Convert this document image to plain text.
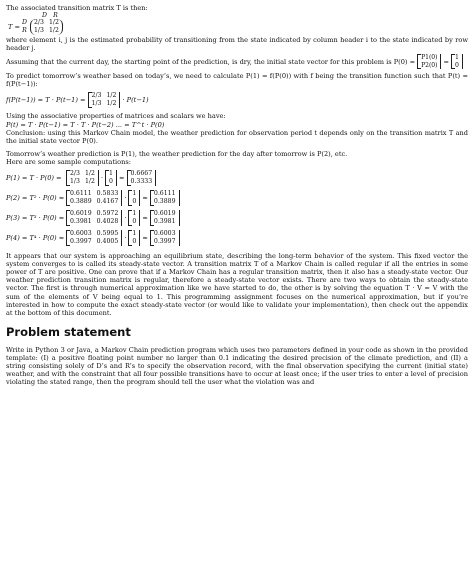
The associated transition matrix T is then:

D R
T =
D
R
2/3 1/2
1/3 1/2

where element i, j is the estimated probability of transitioning from the state indicated by column header i to the state indicated by row header j.

Assuming that the current day, the starting point of the prediction, is dry, the initial state vector for this problem is P(0) = P1(0)
P2(0) = 1
0

To predict tomorrow’s weather based on today’s, we need to calculate P(1) = f(P(0)) with f being the transition function such that P(t) = f(P(t−1)):

f(P(t−1)) = T · P(t−1) =
2/3 1/2
1/3 1/2 · P(t−1)

Using the associative properties of matrices and scalars we have:

P(t) = T · P(t−1) = T · T · P(t−2) ... = T^t · P(0)

Conclusion: using this Markov Chain model, the weather prediction for observation period t depends only on the transition matrix T and the initial state vector P(0).

Tomorrow’s weather prediction is P(1), the weather prediction for the day after tomorrow is P(2), etc.

Here are some sample computations:

P(1) = T · P(0) =
2/3 1/2
1/3 1/2 ·
1
0 ≈
0.6667
0.3333
P(2) = T² · P(0) ≈
0.6111 0.5833
0.3889 0.4167 ·
1
0 ≈
0.6111
0.3889
P(3) = T³ · P(0) ≈
0.6019 0.5972
0.3981 0.4028 ·
1
0 ≈
0.6019
0.3981
P(4) = T⁴ · P(0) ≈
0.6003 0.5995
0.3997 0.4005 ·
1
0 ≈
0.6003
0.3997

It appears that our system is approaching an equilibrium state, describing the long-term behavior of the system. This fixed vector the system converges to is called its steady-state vector. A transition matrix T of a Markov Chain is called regular if all the entries in some power of T are positive. One can prove that if a Markov Chain has a regular transition matrix, then it also has a steady-state vector. Our weather prediction transition matrix is regular, therefore a steady-state vector exists. There are two ways to obtain the steady-state vector. The first is through numerical approximation like we have started to do, the other is by solving the equation T · V = V with the sum of the elements of V being equal to 1. This programming assignment focuses on the numerical approximation, but if you’re interested in how to compute the exact steady-state vector (or would like to validate your implementation), then check out the appendix at the bottom of this document.

Problem statement

Write in Python 3 or Java, a Markov Chain prediction program which uses two parameters defined in your code as shown in the provided template: (I) a positive floating point number no larger than 0.1 indicating the desired precision of the climate prediction, and (II) a string consisting solely of D’s and R’s to specify the observation record, with the final observation specifying the current (initial state) weather, and with the constraint that all four possible transitions have to occur at least once; if the user tries to enter a level of precision violating the stated range, then the program should tell the user what the violation was and
